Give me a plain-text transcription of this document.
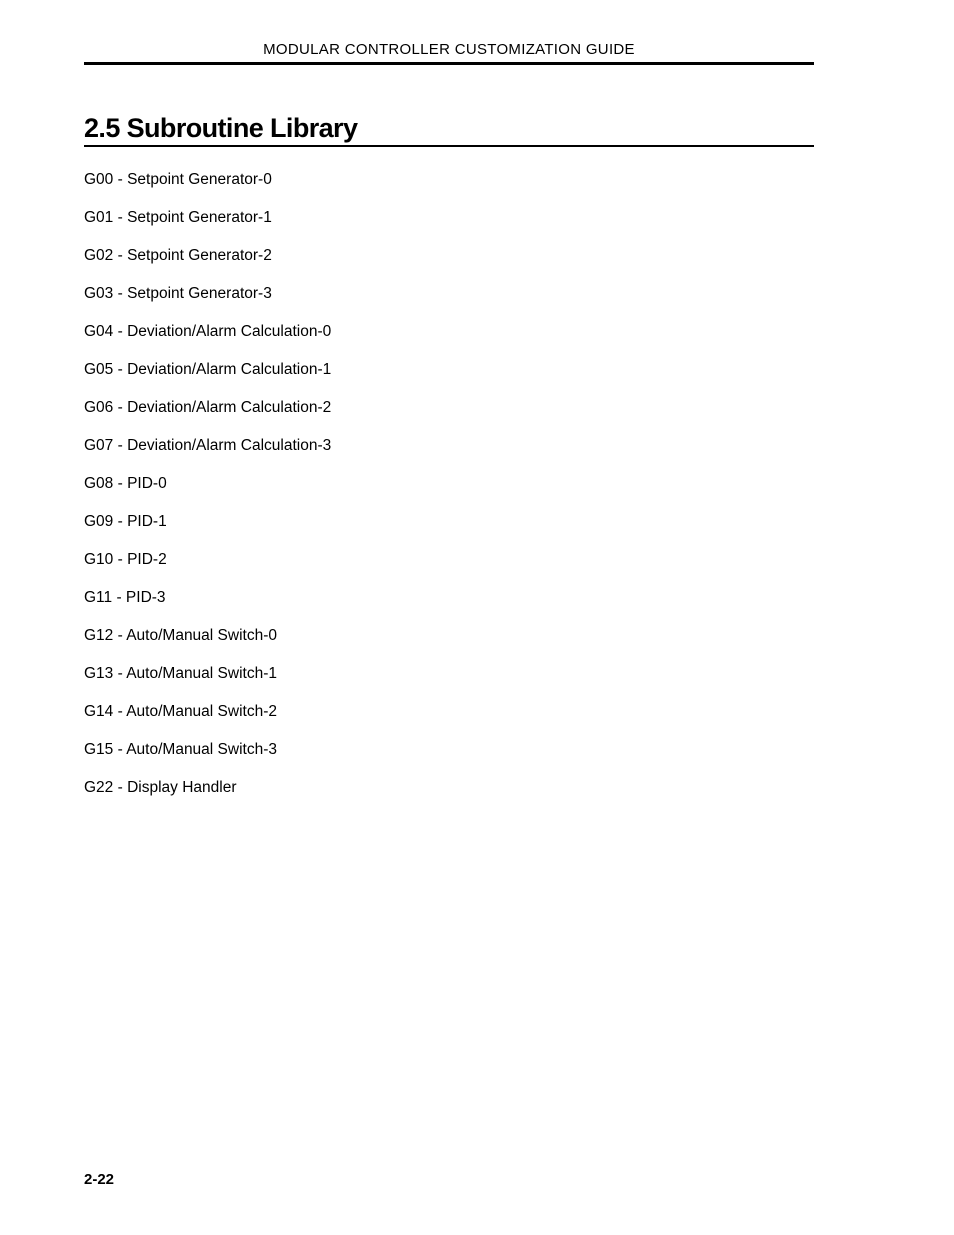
MODULAR CONTROLLER CUSTOMIZATION GUIDE
2.5 Subroutine Library
G00 - Setpoint Generator-0
G01 - Setpoint Generator-1
G02 - Setpoint Generator-2
G03 - Setpoint Generator-3
G04 - Deviation/Alarm Calculation-0
G05 - Deviation/Alarm Calculation-1
G06 - Deviation/Alarm Calculation-2
G07 - Deviation/Alarm Calculation-3
G08 - PID-0
G09 - PID-1
G10 - PID-2
G11 - PID-3
G12 - Auto/Manual Switch-0
G13 - Auto/Manual Switch-1
G14 - Auto/Manual Switch-2
G15 - Auto/Manual Switch-3
G22 - Display Handler
2-22
